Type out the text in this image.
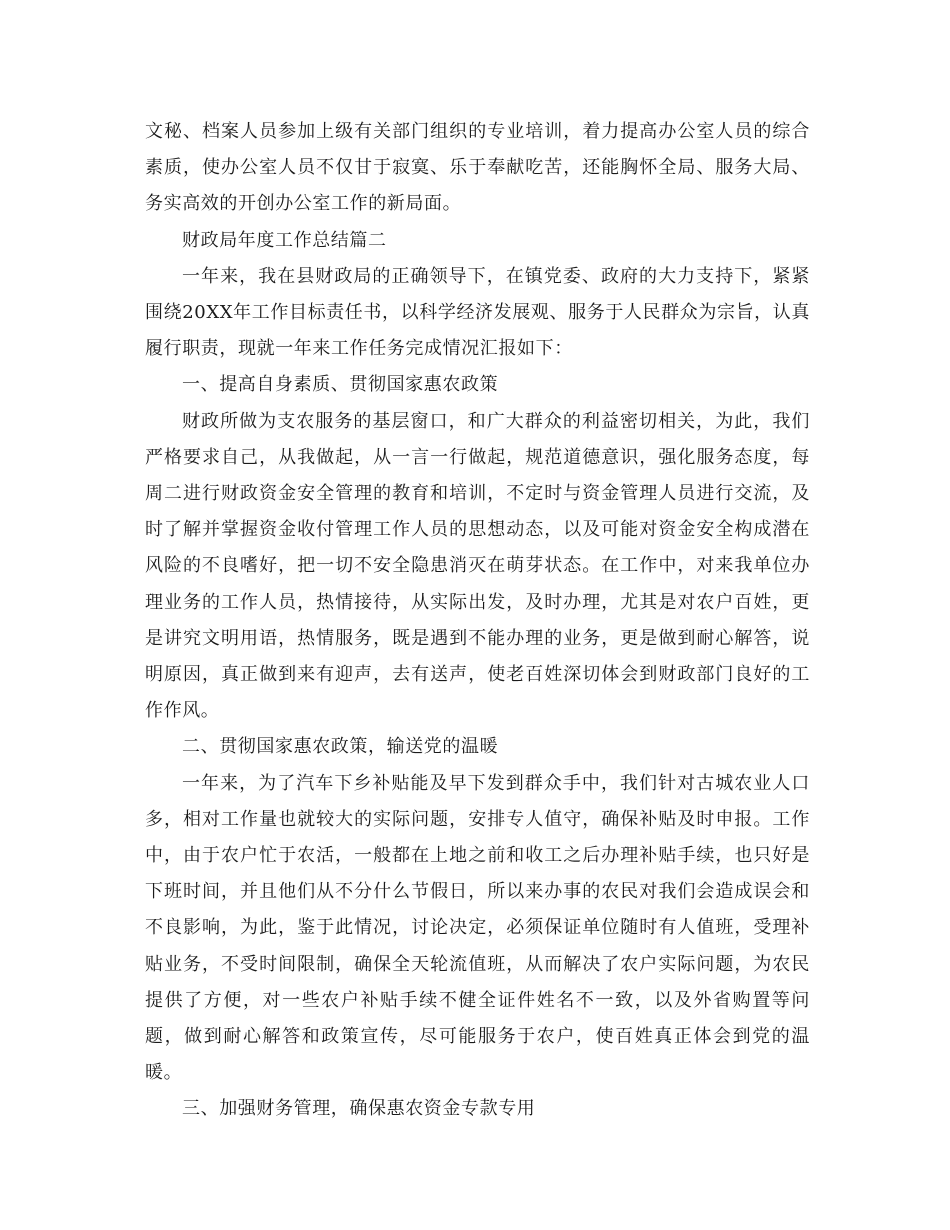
文秘、档案人员参加上级有关部门组织的专业培训，着力提高办公室人员的综合素质，使办公室人员不仅甘于寂寞、乐于奉献吃苦，还能胸怀全局、服务大局、务实高效的开创办公室工作的新局面。

财政局年度工作总结篇二

一年来，我在县财政局的正确领导下，在镇党委、政府的大力支持下，紧紧围绕20XX年工作目标责任书，以科学经济发展观、服务于人民群众为宗旨，认真履行职责，现就一年来工作任务完成情况汇报如下：

一、提高自身素质、贯彻国家惠农政策

财政所做为支农服务的基层窗口，和广大群众的利益密切相关，为此，我们严格要求自己，从我做起，从一言一行做起，规范道德意识，强化服务态度，每周二进行财政资金安全管理的教育和培训，不定时与资金管理人员进行交流，及时了解并掌握资金收付管理工作人员的思想动态，以及可能对资金安全构成潜在风险的不良嗜好，把一切不安全隐患消灭在萌芽状态。在工作中，对来我单位办理业务的工作人员，热情接待，从实际出发，及时办理，尤其是对农户百姓，更是讲究文明用语，热情服务，既是遇到不能办理的业务，更是做到耐心解答，说明原因，真正做到来有迎声，去有送声，使老百姓深切体会到财政部门良好的工作作风。

二、贯彻国家惠农政策，输送党的温暖

一年来，为了汽车下乡补贴能及早下发到群众手中，我们针对古城农业人口多，相对工作量也就较大的实际问题，安排专人值守，确保补贴及时申报。工作中，由于农户忙于农活，一般都在上地之前和收工之后办理补贴手续，也只好是下班时间，并且他们从不分什么节假日，所以来办事的农民对我们会造成误会和不良影响，为此，鉴于此情况，讨论决定，必须保证单位随时有人值班，受理补贴业务，不受时间限制，确保全天轮流值班，从而解决了农户实际问题，为农民提供了方便，对一些农户补贴手续不健全证件姓名不一致，以及外省购置等问题，做到耐心解答和政策宣传，尽可能服务于农户，使百姓真正体会到党的温暖。

三、加强财务管理，确保惠农资金专款专用
